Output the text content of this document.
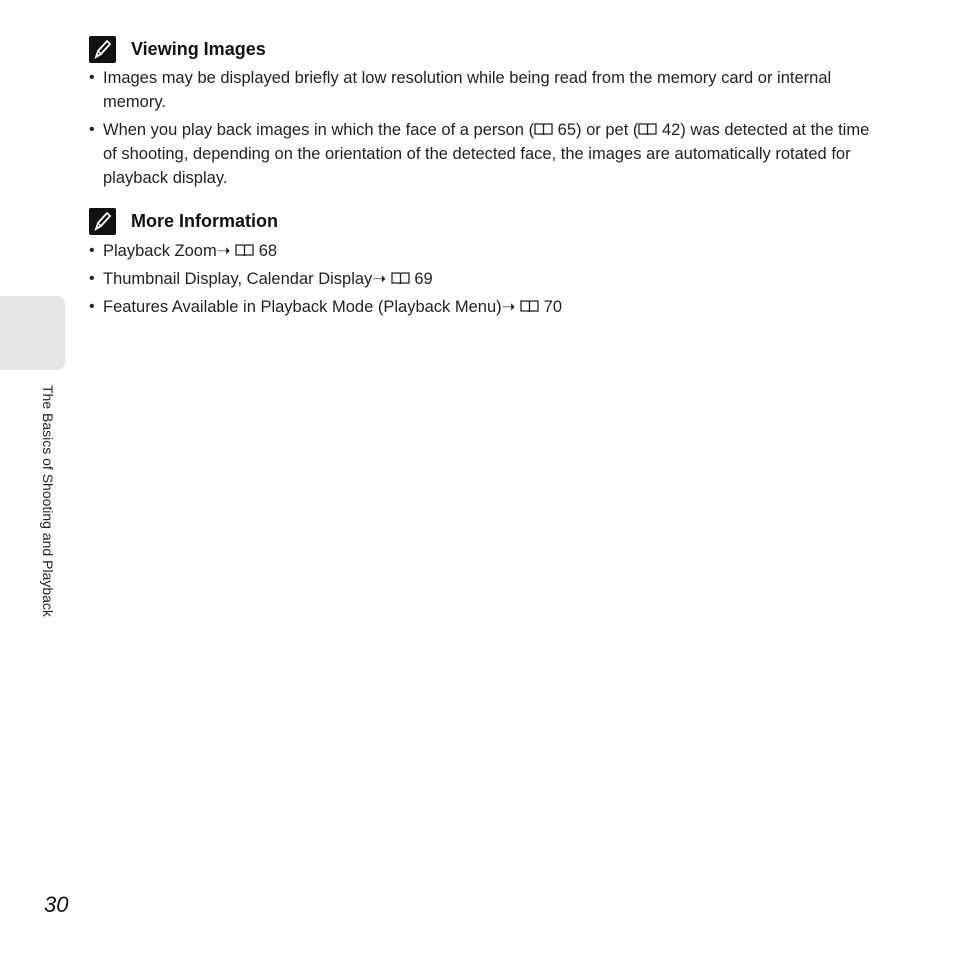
The Basics of Shooting and Playback
Viewing Images
• Images may be displayed briefly at low resolution while being read from the memory card or internal memory.
• When you play back images in which the face of a person ( 65) or pet ( 42) was detected at the time of shooting, depending on the orientation of the detected face, the images are automatically rotated for playback display.
More Information
• Playback Zoom➝ 68
• Thumbnail Display, Calendar Display➝ 69
• Features Available in Playback Mode (Playback Menu)➝ 70
30
